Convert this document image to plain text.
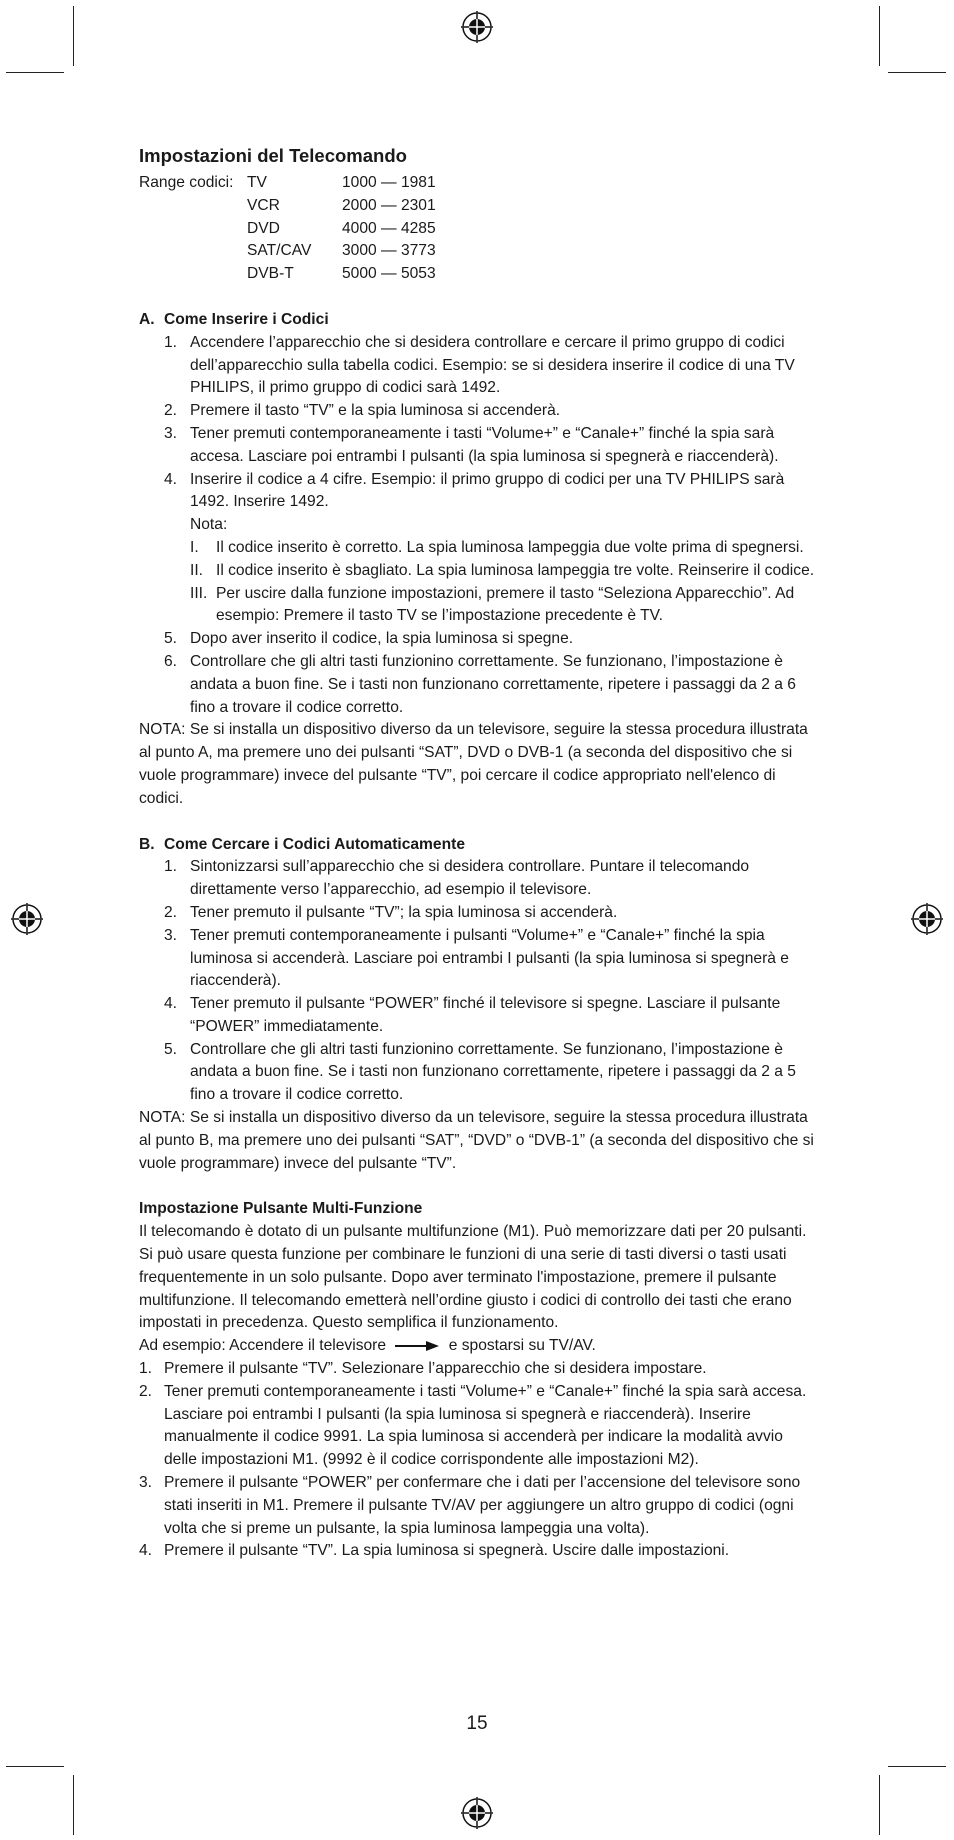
Impostazioni del Telecomando
Range codici:	TV	1000 — 1981
	VCR	2000 — 2301
	DVD	4000 — 4285
	SAT/CAV	3000 — 3773
	DVB-T	5000 — 5053
A. Come Inserire i Codici
1. Accendere l’apparecchio che si desidera controllare e cercare il primo gruppo di codici dell’apparecchio sulla tabella codici. Esempio: se si desidera inserire il codice di una TV PHILIPS, il primo gruppo di codici sarà 1492.
2. Premere il tasto “TV” e la spia luminosa si accenderà.
3. Tener premuti contemporaneamente i tasti “Volume+” e “Canale+” finché la spia sarà accesa. Lasciare poi entrambi I pulsanti (la spia luminosa si spegnerà e riaccenderà).
4. Inserire il codice a 4 cifre. Esempio: il primo gruppo di codici per una TV PHILIPS sarà 1492. Inserire 1492.
Nota:
I. Il codice inserito è corretto. La spia luminosa lampeggia due volte prima di spegnersi.
II. Il codice inserito è sbagliato. La spia luminosa lampeggia tre volte. Reinserire il codice.
III. Per uscire dalla funzione impostazioni, premere il tasto “Seleziona Apparecchio”. Ad esempio: Premere il tasto TV se l’impostazione precedente è TV.
5. Dopo aver inserito il codice, la spia luminosa si spegne.
6. Controllare che gli altri tasti funzionino correttamente. Se funzionano, l’impostazione è andata a buon fine. Se i tasti non funzionano correttamente, ripetere i passaggi da 2 a 6 fino a trovare il codice corretto.

NOTA: Se si installa un dispositivo diverso da un televisore, seguire la stessa procedura illustrata al punto A, ma premere uno dei pulsanti “SAT”, DVD o DVB-1 (a seconda del dispositivo che si vuole programmare) invece del pulsante “TV”, poi cercare il codice appropriato nell'elenco di codici.

B. Come Cercare i Codici Automaticamente
1. Sintonizzarsi sull’apparecchio che si desidera controllare. Puntare il telecomando direttamente verso l’apparecchio, ad esempio il televisore.
2. Tener premuto il pulsante “TV”; la spia luminosa si accenderà.
3. Tener premuti contemporaneamente i pulsanti “Volume+” e “Canale+” finché la spia luminosa si accenderà. Lasciare poi entrambi I pulsanti (la spia luminosa si spegnerà e riaccenderà).
4. Tener premuto il pulsante “POWER” finché il televisore si spegne. Lasciare il pulsante “POWER” immediatamente.
5. Controllare che gli altri tasti funzionino correttamente. Se funzionano, l’impostazione è andata a buon fine. Se i tasti non funzionano correttamente, ripetere i passaggi da 2 a 5 fino a trovare il codice corretto.

NOTA: Se si installa un dispositivo diverso da un televisore, seguire la stessa procedura illustrata al punto B, ma premere uno dei pulsanti “SAT”, “DVD” o “DVB-1” (a seconda del dispositivo che si vuole programmare) invece del pulsante “TV”.

Impostazione Pulsante Multi-Funzione

Il telecomando è dotato di un pulsante multifunzione (M1). Può memorizzare dati per 20 pulsanti. Si può usare questa funzione per combinare le funzioni di una serie di tasti diversi o tasti usati frequentemente in un solo pulsante. Dopo aver terminato l'impostazione, premere il pulsante multifunzione. Il telecomando emetterà nell’ordine giusto i codici di controllo dei tasti che erano impostati in precedenza. Questo semplifica il funzionamento.

Ad esempio: Accendere il televisore	e spostarsi su TV/AV.

1. Premere il pulsante “TV”. Selezionare l’apparecchio che si desidera impostare.
2. Tener premuti contemporaneamente i tasti “Volume+” e “Canale+” finché la spia sarà accesa. Lasciare poi entrambi I pulsanti (la spia luminosa si spegnerà e riaccenderà). Inserire manualmente il codice 9991. La spia luminosa si accenderà per indicare la modalità avvio delle impostazioni M1. (9992 è il codice corrispondente alle impostazioni M2).
3. Premere il pulsante “POWER” per confermare che i dati per l’accensione del televisore sono stati inseriti in M1. Premere il pulsante TV/AV per aggiungere un altro gruppo di codici (ogni volta che si preme un pulsante, la spia luminosa lampeggia una volta).
4. Premere il pulsante “TV”. La spia luminosa si spegnerà. Uscire dalle impostazioni.
15
